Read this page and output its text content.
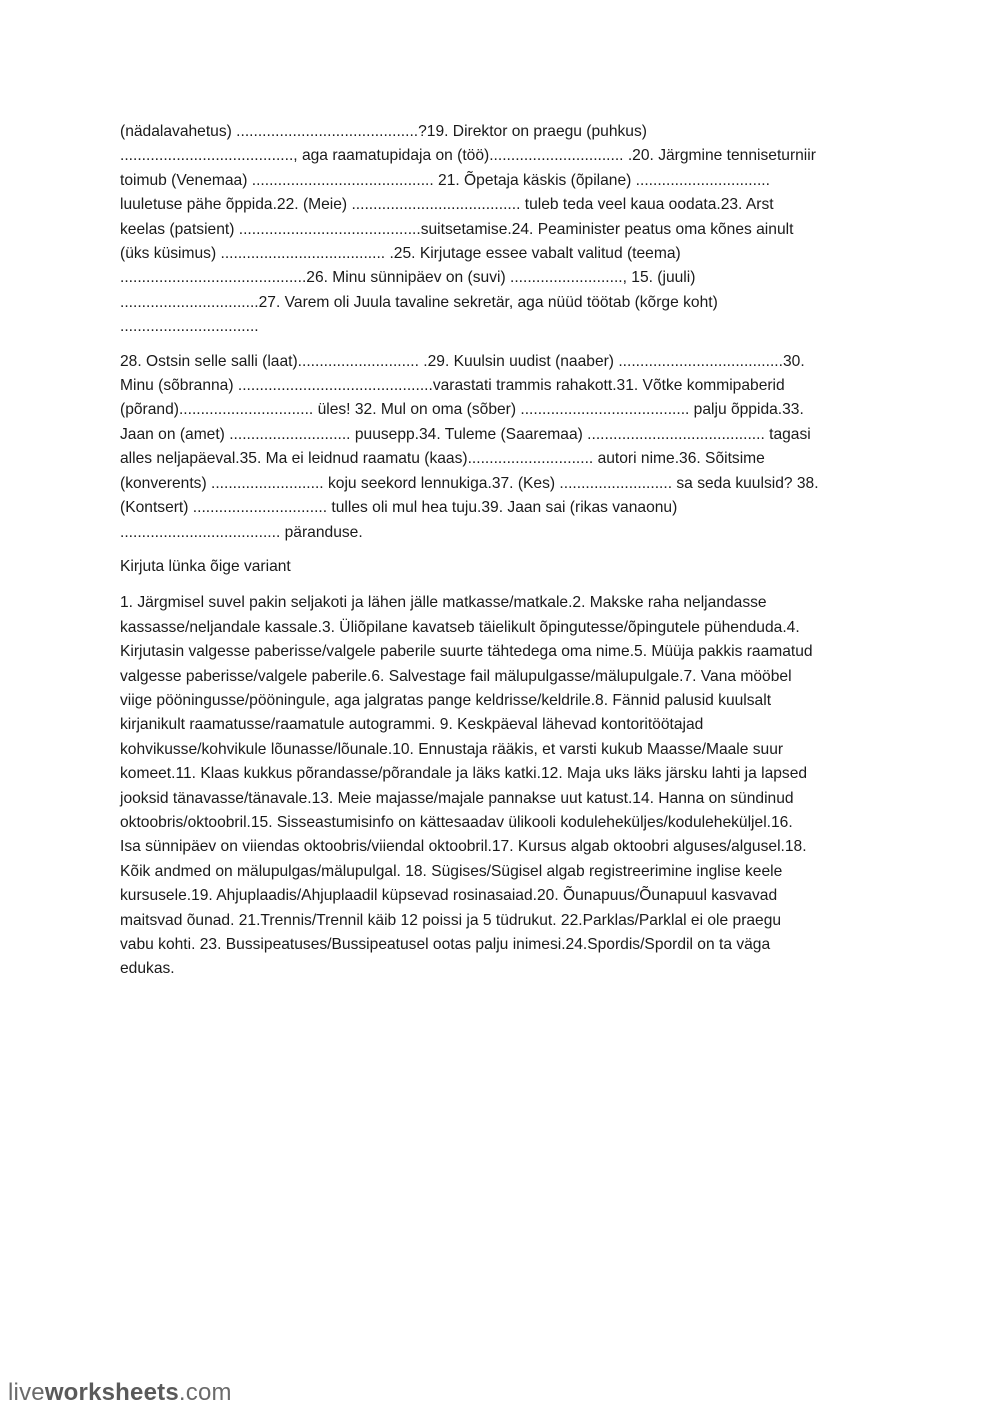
(nädalavahetus) ..........................................?19. Direktor on praegu (puhkus)
........................................, aga raamatupidaja on (töö)............................... .20. Järgmine tenniseturniir
toimub (Venemaa) .......................................... 21. Õpetaja käskis (õpilane) ...............................
luuletuse pähe õppida.22. (Meie) ....................................... tuleb teda veel kaua oodata.23. Arst
keelas (patsient) ..........................................suitsetamise.24. Peaminister peatus oma kõnes ainult
(üks küsimus) ...................................... .25. Kirjutage essee vabalt valitud (teema)
...........................................26. Minu sünnipäev on (suvi) .........................., 15. (juuli)
................................27. Varem oli Juula tavaline sekretär, aga nüüd töötab (kõrge koht)
................................
28. Ostsin selle salli (laat)............................ .29. Kuulsin uudist (naaber) ......................................30.
Minu (sõbranna) .............................................varastati trammis rahakott.31. Võtke kommipaberid
(põrand)............................... üles! 32. Mul on oma (sõber) ....................................... palju õppida.33.
Jaan on (amet) ............................ puusepp.34. Tuleme (Saaremaa) ......................................... tagasi
alles neljapäeval.35. Ma ei leidnud raamatu (kaas)............................. autori nime.36. Sõitsime
(konverents) .......................... koju seekord lennukiga.37. (Kes) .......................... sa seda kuulsid? 38.
(Kontsert) ............................... tulles oli mul hea tuju.39. Jaan sai (rikas vanaonu)
..................................... päranduse.
Kirjuta lünka õige variant
1. Järgmisel suvel pakin seljakoti ja lähen jälle matkasse/matkale.2. Makske raha neljandasse
kassasse/neljandale kassale.3. Üliõpilane kavatseb täielikult õpingutesse/õpingutele pühenduda.4.
Kirjutasin valgesse paberisse/valgele paberile suurte tähtedega oma nime.5. Müüja pakkis raamatud
valgesse paberisse/valgele paberile.6. Salvestage fail mälupulgasse/mälupulgale.7. Vana mööbel
viige pööningusse/pööningule, aga jalgratas pange keldrisse/keldrile.8. Fännid palusid kuulsalt
kirjanikult raamatusse/raamatule autogrammi. 9. Keskpäeval lähevad kontoritöötajad
kohvikusse/kohvikule lõunasse/lõunale.10. Ennustaja rääkis, et varsti kukub Maasse/Maale suur
komeet.11. Klaas kukkus põrandasse/põrandale ja läks katki.12. Maja uks läks järsku lahti ja lapsed
jooksid tänavasse/tänavale.13. Meie majasse/majale pannakse uut katust.14. Hanna on sündinud
oktoobris/oktoobril.15. Sisseastumisinfo on kättesaadav ülikooli koduleheküljes/koduleheküljel.16.
Isa sünnipäev on viiendas oktoobris/viiendal oktoobril.17. Kursus algab oktoobri alguses/algusel.18.
Kõik andmed on mälupulgas/mälupulgal. 18. Sügises/Sügisel algab registreerimine inglise keele
kursusele.19. Ahjuplaadis/Ahjuplaadil küpsevad rosinasaiad.20. Õunapuus/Õunapuul kasvavad
maitsvad õunad. 21.Trennis/Trennil käib 12 poissi ja 5 tüdrukut. 22.Parklas/Parklal ei ole praegu
vabu kohti. 23. Bussipeatuses/Bussipeatusel ootas palju inimesi.24.Spordis/Spordil on ta väga
edukas.
liveworksheets.com
